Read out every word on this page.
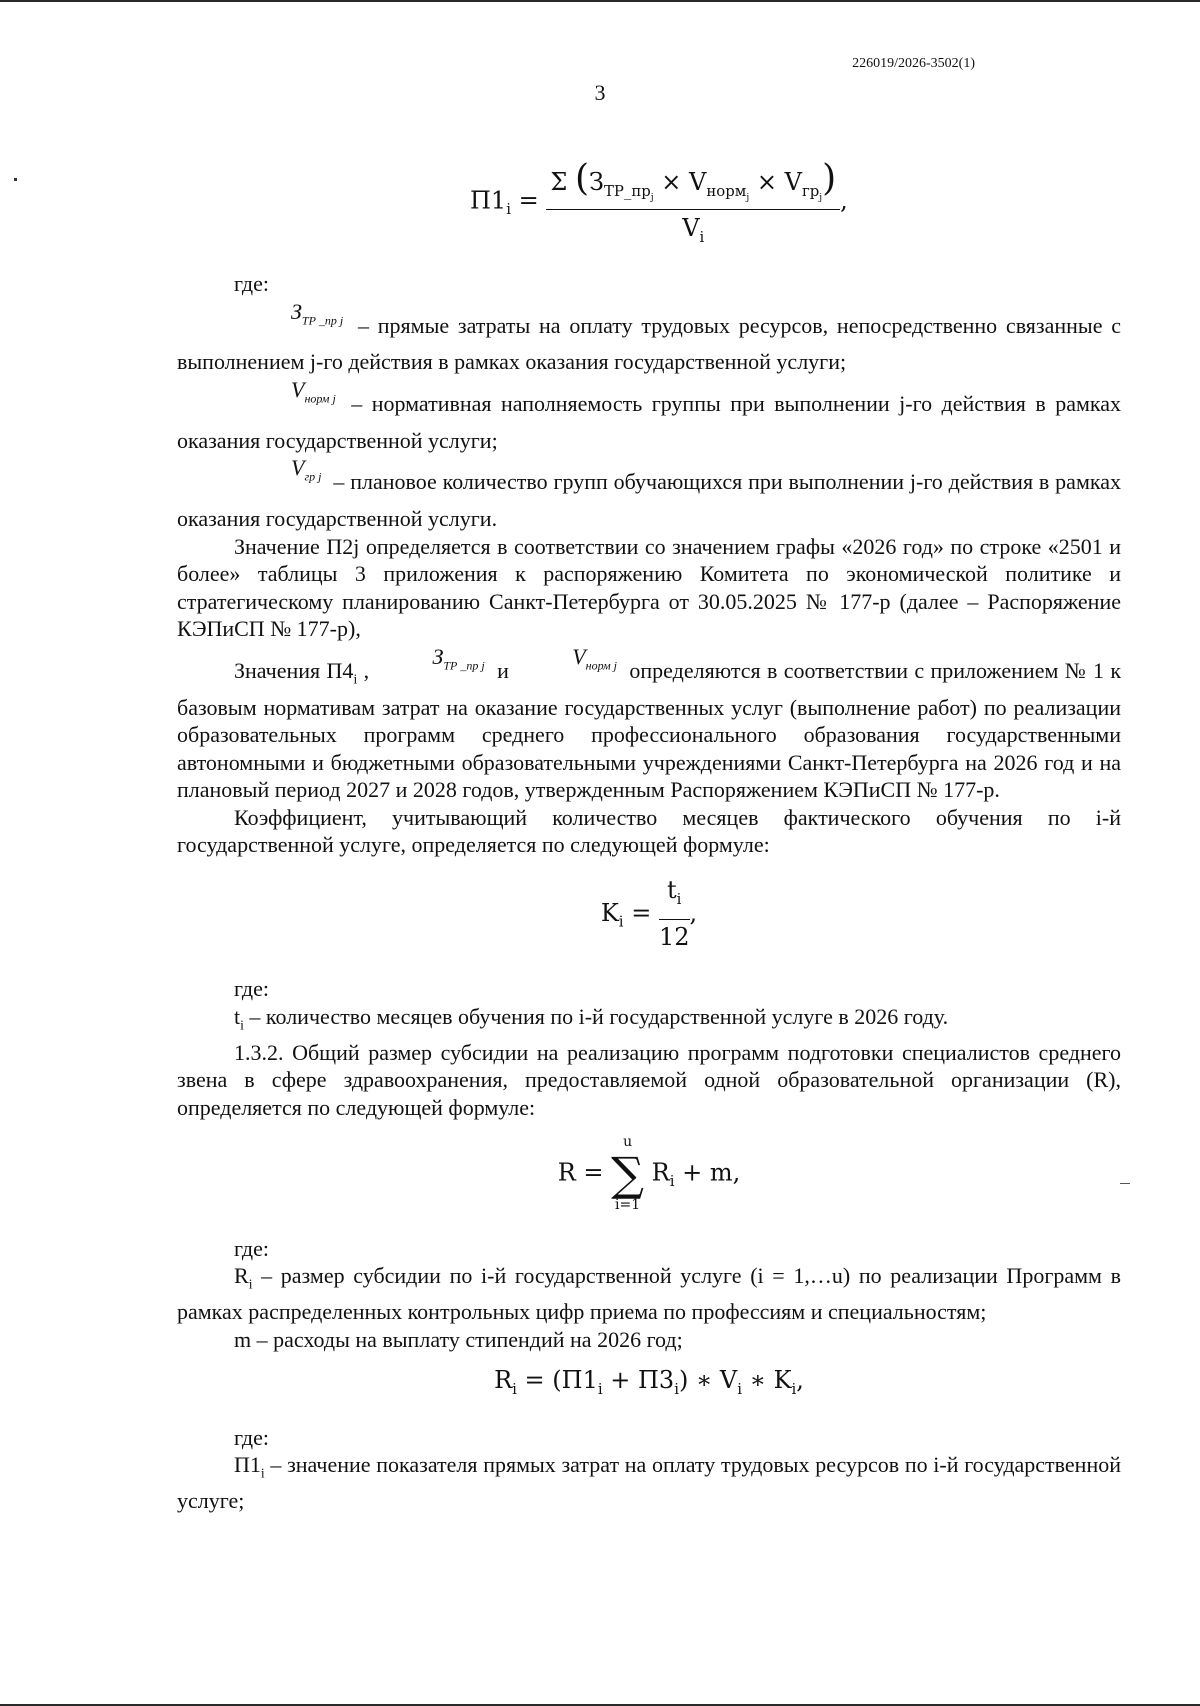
226019/2026-3502(1)
3
$П1_i$ =
Σ $(З_{ТР\_пр_j} \times V_{норм_j} \times V_{гр_j})$
$V_i$
,

где:

$З_{ТР \_пр j}$ – прямые затраты на оплату трудовых ресурсов, непосредственно связанные с выполнением j-го действия в рамках оказания государственной услуги;

$V_{норм j}$ – нормативная наполняемость группы при выполнении j-го действия в рамках оказания государственной услуги;

$V_{гр j}$ – плановое количество групп обучающихся при выполнении j-го действия в рамках оказания государственной услуги.

Значение П2j определяется в соответствии со значением графы «2026 год» по строке «2501 и более» таблицы 3 приложения к распоряжению Комитета по экономической политике и стратегическому планированию Санкт-Петербурга от 30.05.2025 № 177-р (далее – Распоряжение КЭПиСП № 177-р),

Значения $П4_i$ , $З_{ТР \_пр j}$ и $V_{норм j}$ определяются в соответствии с приложением № 1 к базовым нормативам затрат на оказание государственных услуг (выполнение работ) по реализации образовательных программ среднего профессионального образования государственными автономными и бюджетными образовательными учреждениями Санкт-Петербурга на 2026 год и на плановый период 2027 и 2028 годов, утвержденным Распоряжением КЭПиСП № 177-р.

Коэффициент, учитывающий количество месяцев фактического обучения по i-й государственной услуге, определяется по следующей формуле:

$K_i = \frac{t_i}{12}$ ,

где:

$t_i$ – количество месяцев обучения по i-й государственной услуге в 2026 году.

1.3.2. Общий размер субсидии на реализацию программ подготовки специалистов среднего звена в сфере здравоохранения, предоставляемой одной образовательной организации (R), определяется по следующей формуле:

R =
u
∑
i=1
$R_i + m$,

где:

$R_i$ – размер субсидии по i-й государственной услуге (i = 1,…u) по реализации Программ в рамках распределенных контрольных цифр приема по профессиям и специальностям;

m – расходы на выплату стипендий на 2026 год;

$R_i = (П1_i + П3_i)$ ∗ $V_i$ ∗ $K_i$,

где:

$П1_i$ – значение показателя прямых затрат на оплату трудовых ресурсов по i-й государственной услуге;
